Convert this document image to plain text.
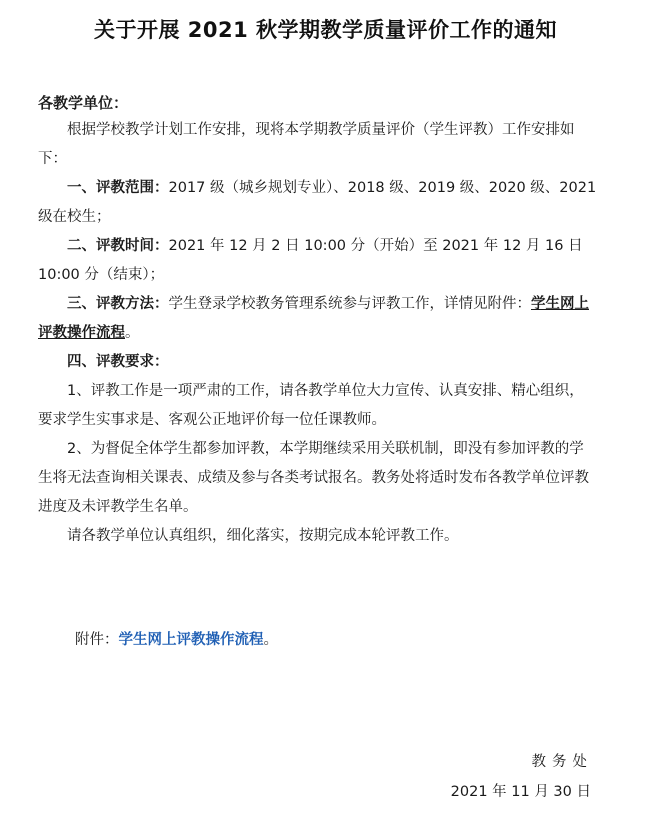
关于开展 2021 秋学期教学质量评价工作的通知
各教学单位：

根据学校教学计划工作安排，现将本学期教学质量评价（学生评教）工作安排如下：

一、评教范围：2017 级（城乡规划专业）、2018 级、2019 级、2020 级、2021 级在校生；

二、评教时间：2021 年 12 月 2 日 10:00 分（开始）至 2021 年 12 月 16 日 10:00 分（结束）；

三、评教方法：学生登录学校教务管理系统参与评教工作，详情见附件：学生网上评教操作流程。

四、评教要求：

1、评教工作是一项严肃的工作，请各教学单位大力宣传、认真安排、精心组织，要求学生实事求是、客观公正地评价每一位任课教师。

2、为督促全体学生都参加评教，本学期继续采用关联机制，即没有参加评教的学生将无法查询相关课表、成绩及参与各类考试报名。教务处将适时发布各教学单位评教进度及未评教学生名单。

请各教学单位认真组织，细化落实，按期完成本轮评教工作。

附件：学生网上评教操作流程。
教务处
2021 年 11 月 30 日
